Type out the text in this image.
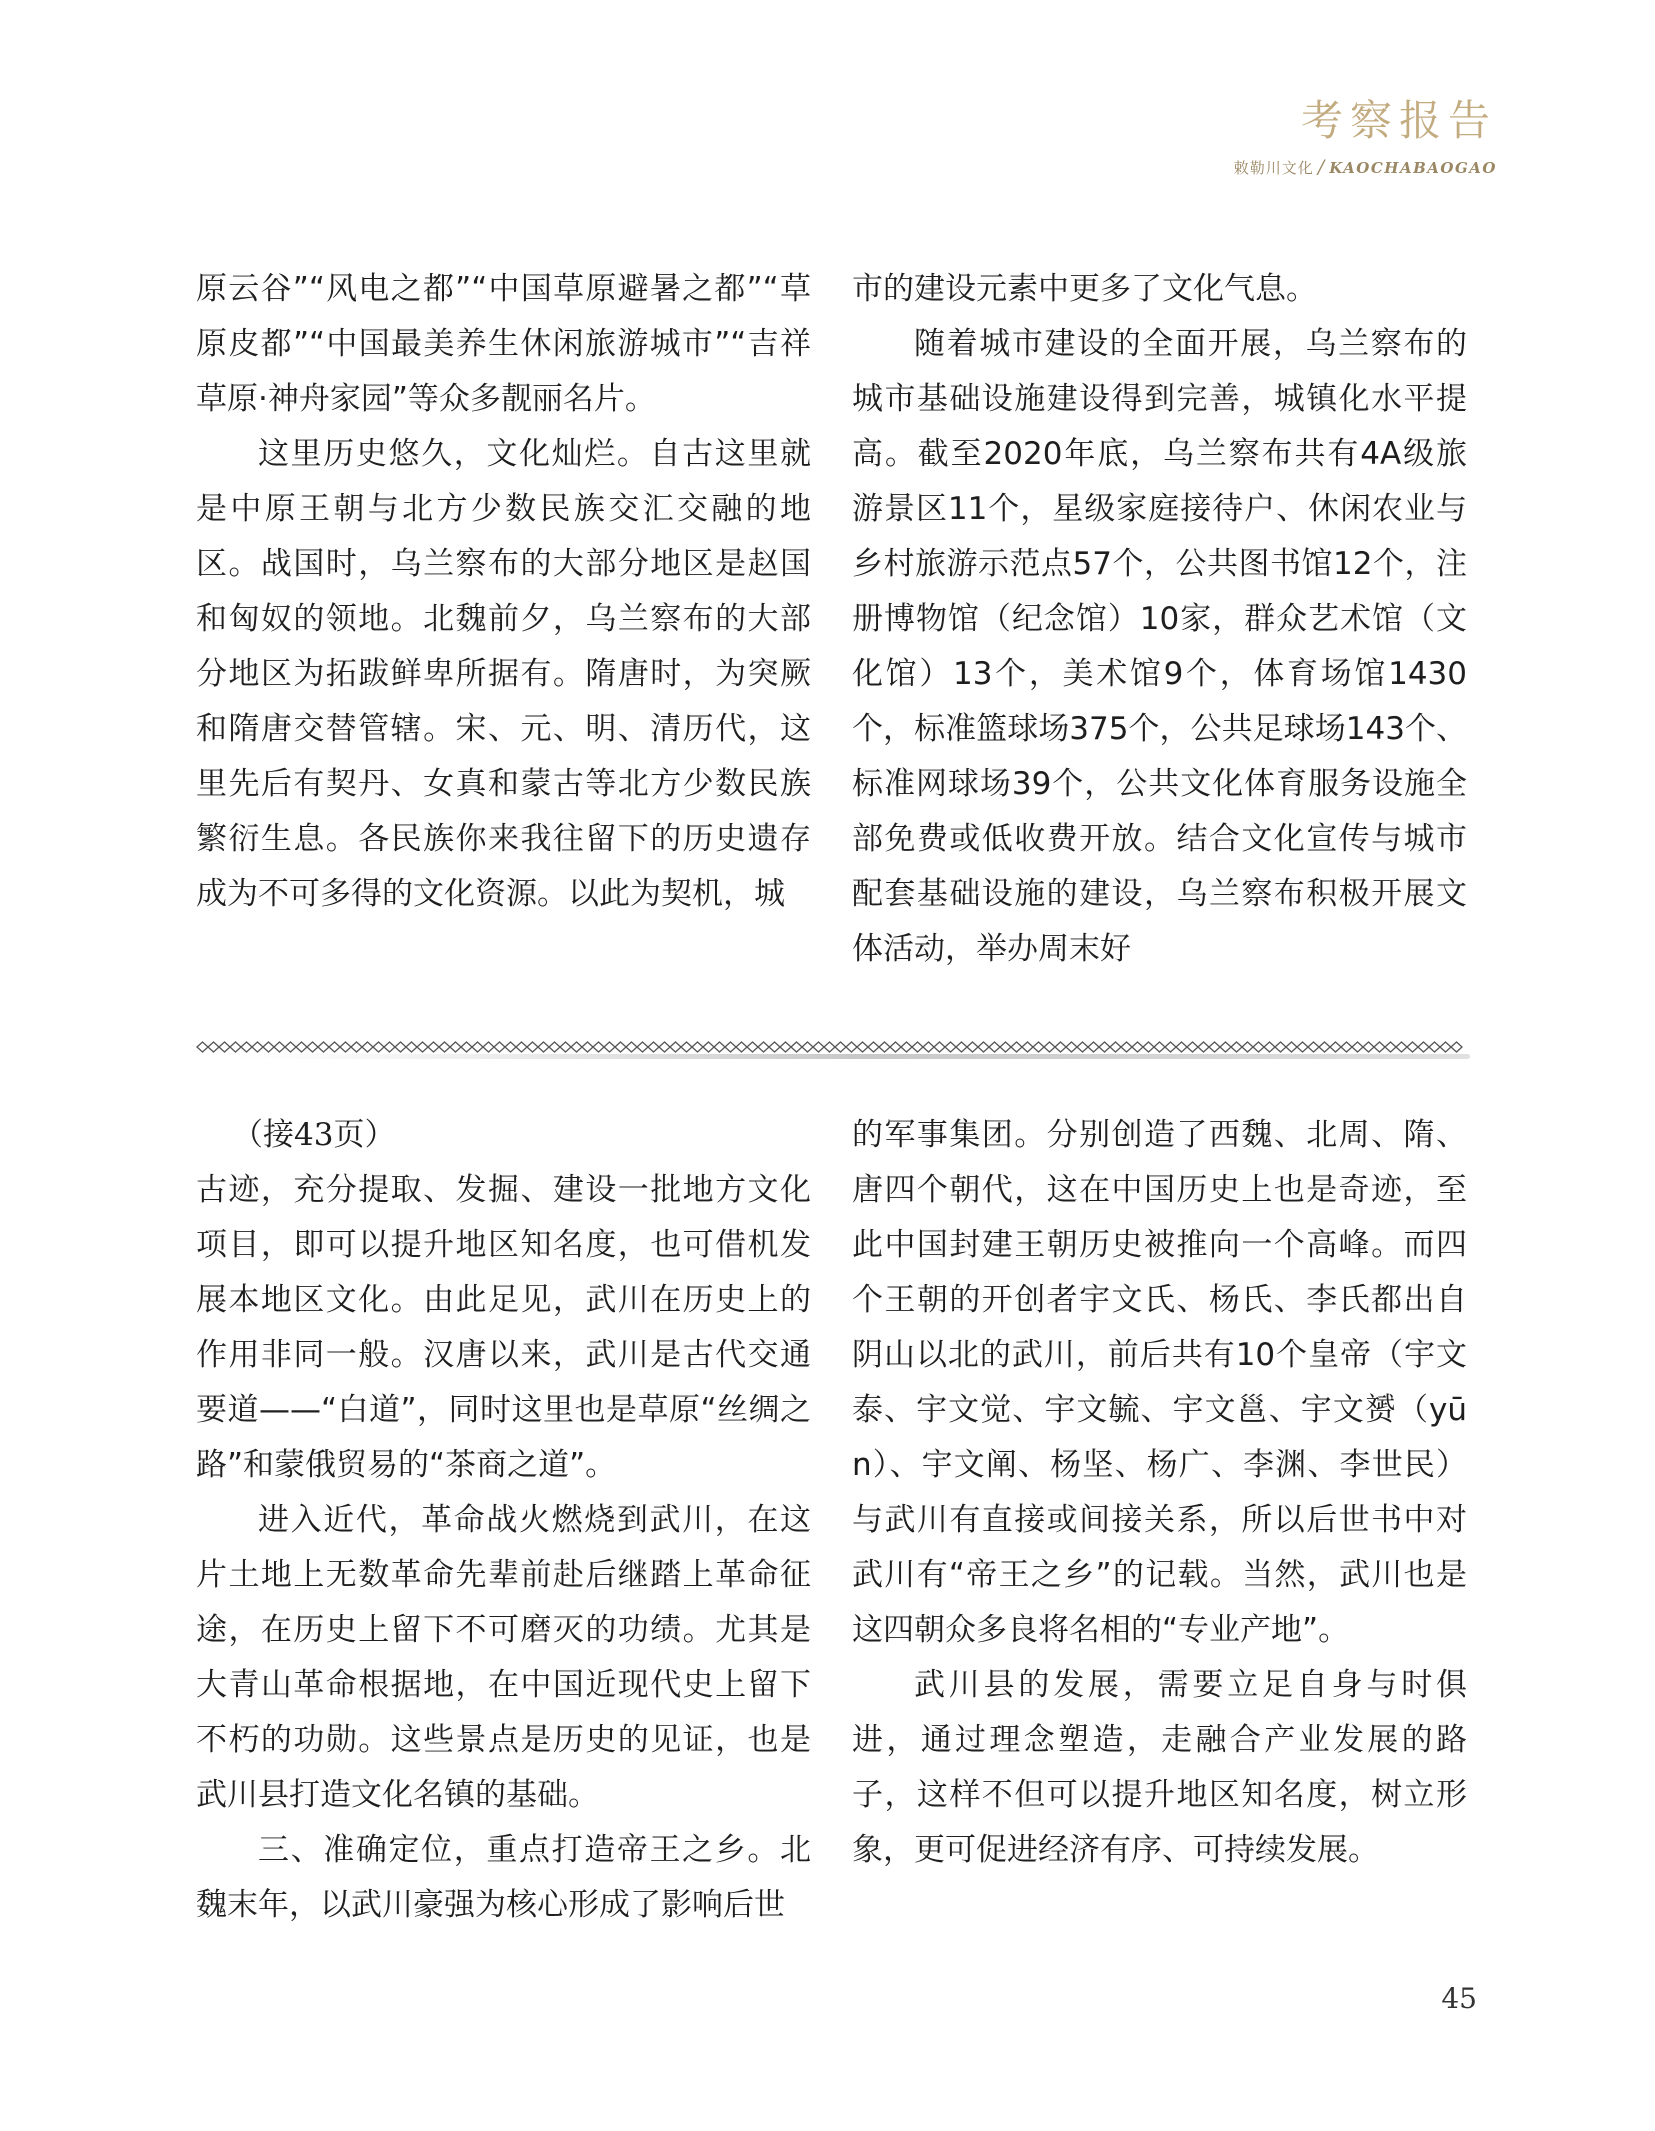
考察报告
敕勒川文化 / KAOCHABAOGAO

原云谷”“风电之都”“中国草原避暑之都”“草原皮都”“中国最美养生休闲旅游城市”“吉祥草原·神舟家园”等众多靓丽名片。

这里历史悠久，文化灿烂。自古这里就是中原王朝与北方少数民族交汇交融的地区。战国时，乌兰察布的大部分地区是赵国和匈奴的领地。北魏前夕，乌兰察布的大部分地区为拓跋鲜卑所据有。隋唐时，为突厥和隋唐交替管辖。宋、元、明、清历代，这里先后有契丹、女真和蒙古等北方少数民族繁衍生息。各民族你来我往留下的历史遗存成为不可多得的文化资源。以此为契机，城

市的建设元素中更多了文化气息。

随着城市建设的全面开展，乌兰察布的城市基础设施建设得到完善，城镇化水平提高。截至2020年底，乌兰察布共有4A级旅游景区11个，星级家庭接待户、休闲农业与乡村旅游示范点57个，公共图书馆12个，注册博物馆（纪念馆）10家，群众艺术馆（文化馆）13个，美术馆9个，体育场馆1430个，标准篮球场375个，公共足球场143个、标准网球场39个，公共文化体育服务设施全部免费或低收费开放。结合文化宣传与城市配套基础设施的建设，乌兰察布积极开展文体活动，举办周末好

（接43页）

古迹，充分提取、发掘、建设一批地方文化项目，即可以提升地区知名度，也可借机发展本地区文化。由此足见，武川在历史上的作用非同一般。汉唐以来，武川是古代交通要道——“白道”，同时这里也是草原“丝绸之路”和蒙俄贸易的“茶商之道”。

进入近代，革命战火燃烧到武川，在这片土地上无数革命先辈前赴后继踏上革命征途，在历史上留下不可磨灭的功绩。尤其是大青山革命根据地，在中国近现代史上留下不朽的功勋。这些景点是历史的见证，也是武川县打造文化名镇的基础。

三、准确定位，重点打造帝王之乡。北魏末年，以武川豪强为核心形成了影响后世

的军事集团。分别创造了西魏、北周、隋、唐四个朝代，这在中国历史上也是奇迹，至此中国封建王朝历史被推向一个高峰。而四个王朝的开创者宇文氏、杨氏、李氏都出自阴山以北的武川，前后共有10个皇帝（宇文泰、宇文觉、宇文毓、宇文邕、宇文赟（yūn）、宇文阐、杨坚、杨广、李渊、李世民）与武川有直接或间接关系，所以后世书中对武川有“帝王之乡”的记载。当然，武川也是这四朝众多良将名相的“专业产地”。

武川县的发展，需要立足自身与时俱进，通过理念塑造，走融合产业发展的路子，这样不但可以提升地区知名度，树立形象，更可促进经济有序、可持续发展。

45
